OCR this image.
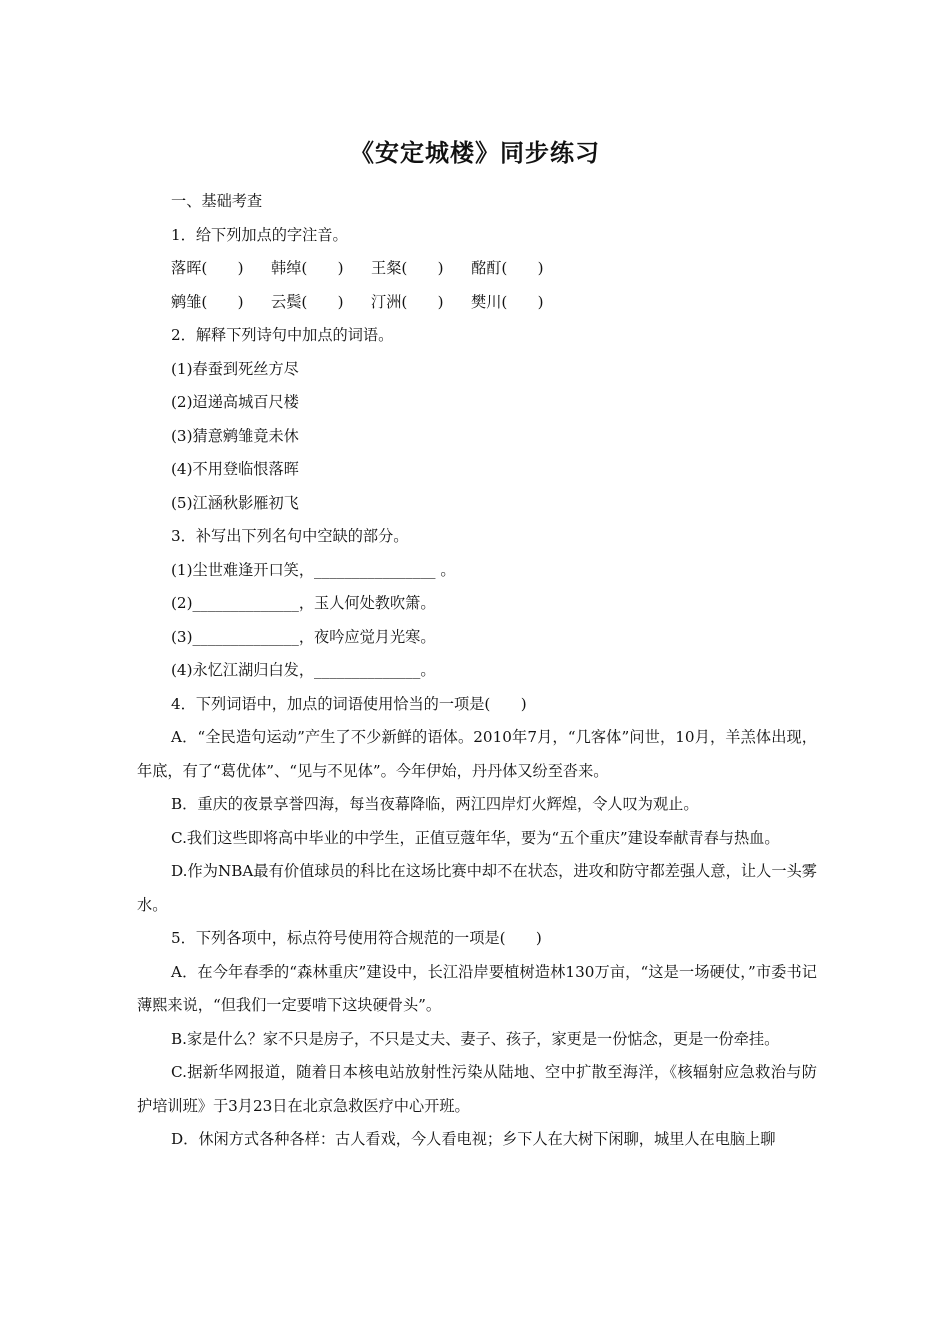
《安定城楼》同步练习

一、基础考查

1．给下列加点的字注音。

落晖(　　)	韩绰(　　)	王粲(　　)	酩酊(　　)
鹓雏(　　)	云鬓(　　)	汀洲(　　)	樊川(　　)

2．解释下列诗句中加点的词语。

(1)春蚕到死丝方尽

(2)迢递高城百尺楼

(3)猜意鹓雏竟未休

(4)不用登临恨落晖

(5)江涵秋影雁初飞

3．补写出下列名句中空缺的部分。

(1)尘世难逢开口笑，________________ 。

(2)______________，玉人何处教吹箫。

(3)______________，夜吟应觉月光寒。

(4)永忆江湖归白发，______________。

4．下列词语中，加点的词语使用恰当的一项是(　　)

A．“全民造句运动”产生了不少新鲜的语体。2010年7月，“几客体”问世，10月，羊羔体出现，年底，有了“葛优体”、“见与不见体”。今年伊始，丹丹体又纷至沓来。

B．重庆的夜景享誉四海，每当夜幕降临，两江四岸灯火辉煌，令人叹为观止。

C.我们这些即将高中毕业的中学生，正值豆蔻年华，要为“五个重庆”建设奉献青春与热血。

D.作为NBA最有价值球员的科比在这场比赛中却不在状态，进攻和防守都差强人意，让人一头雾水。

5．下列各项中，标点符号使用符合规范的一项是(　　)

A．在今年春季的“森林重庆”建设中，长江沿岸要植树造林130万亩，“这是一场硬仗，”市委书记薄熙来说，“但我们一定要啃下这块硬骨头”。

B.家是什么？家不只是房子，不只是丈夫、妻子、孩子，家更是一份惦念，更是一份牵挂。

C.据新华网报道，随着日本核电站放射性污染从陆地、空中扩散至海洋，《核辐射应急救治与防护培训班》于3月23日在北京急救医疗中心开班。

D．休闲方式各种各样：古人看戏，今人看电视；乡下人在大树下闲聊，城里人在电脑上聊
